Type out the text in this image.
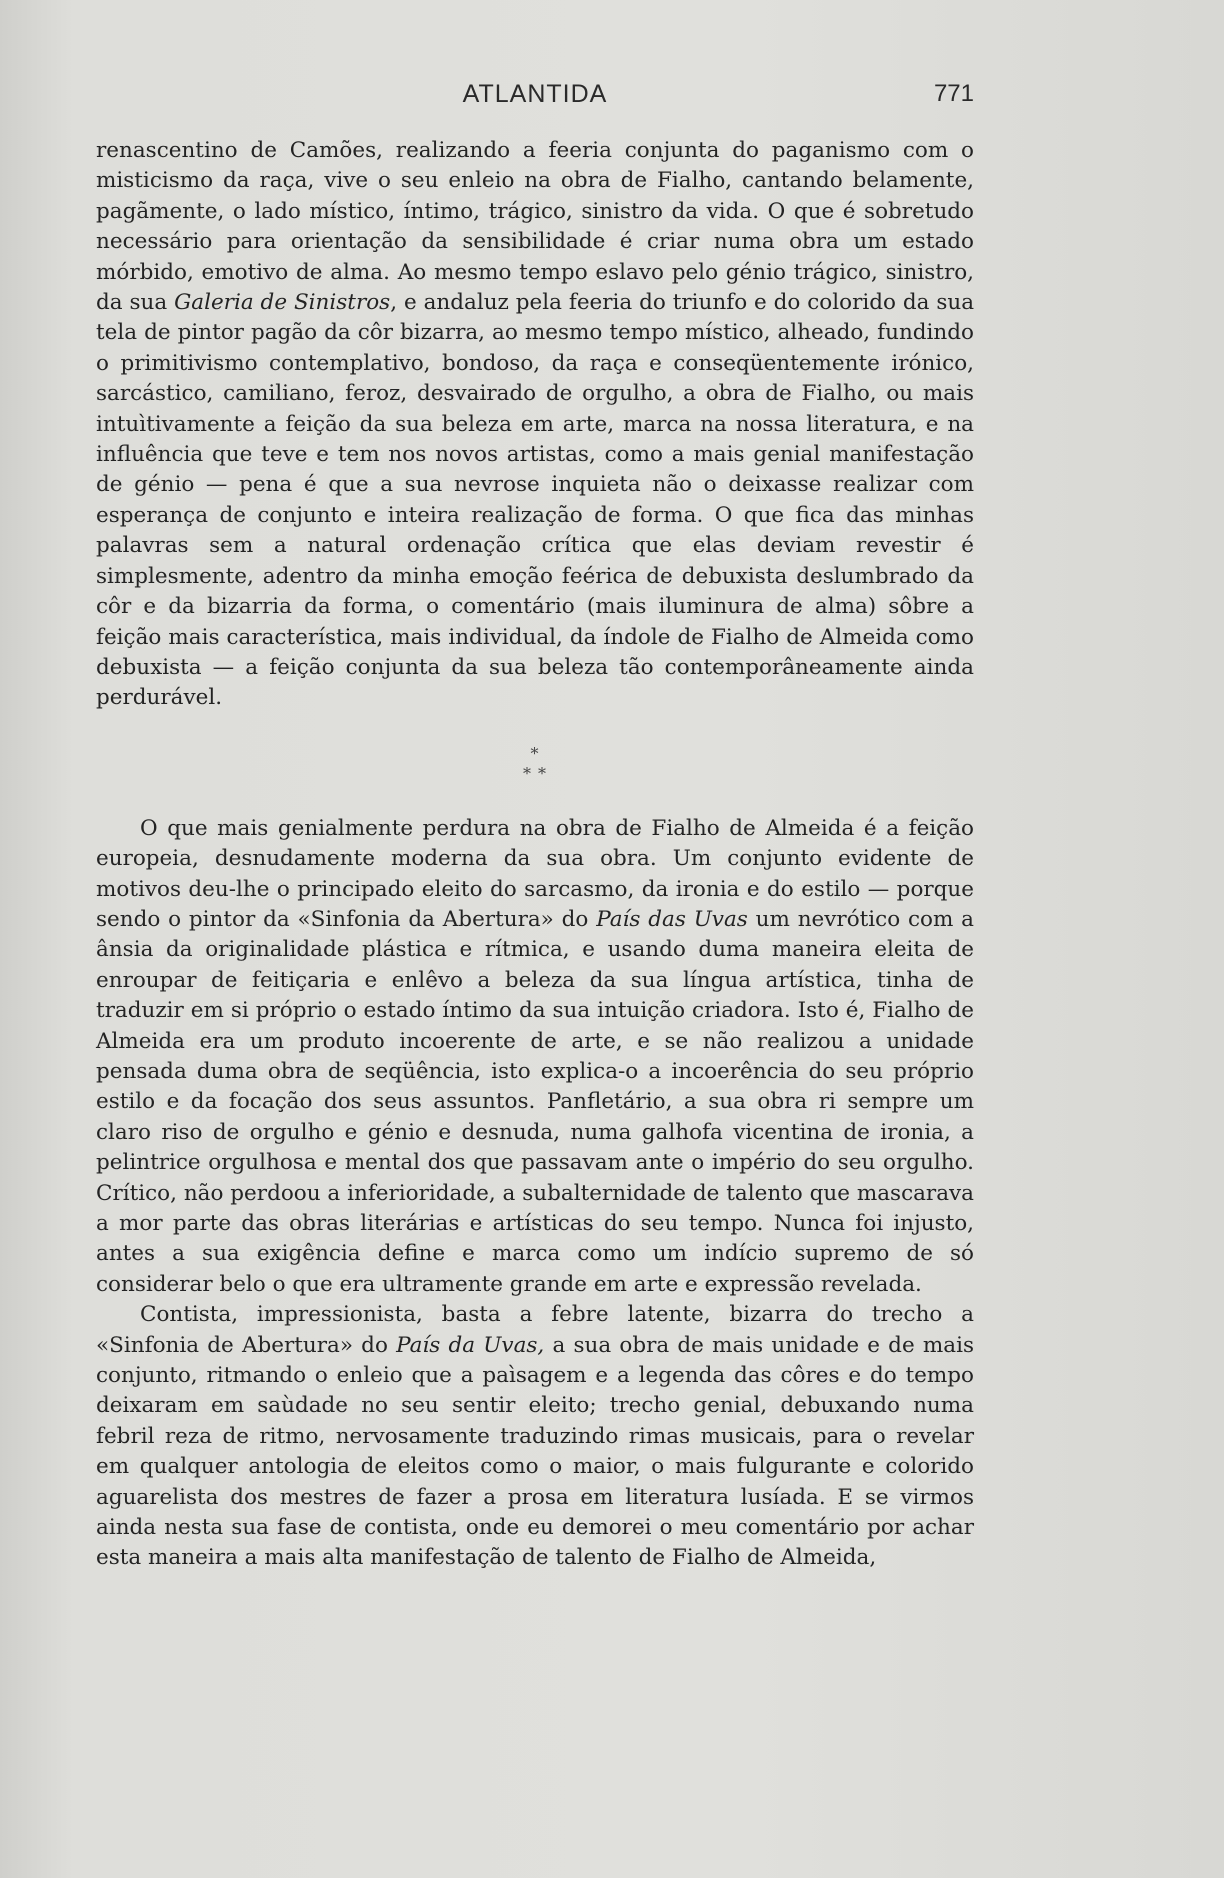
ATLANTIDA	771

renascentino de Camões, realizando a feeria conjunta do paganismo com o misticismo da raça, vive o seu enleio na obra de Fialho, cantando belamente, pagãmente, o lado místico, íntimo, trágico, sinistro da vida. O que é sobretudo necessário para orientação da sensibilidade é criar numa obra um estado mórbido, emotivo de alma. Ao mesmo tempo eslavo pelo génio trágico, sinistro, da sua Galeria de Sinistros, e andaluz pela feeria do triunfo e do colorido da sua tela de pintor pagão da côr bizarra, ao mesmo tempo místico, alheado, fundindo o primitivismo contemplativo, bondoso, da raça e conseqüentemente irónico, sarcástico, camiliano, feroz, desvairado de orgulho, a obra de Fialho, ou mais intuìtivamente a feição da sua beleza em arte, marca na nossa literatura, e na influência que teve e tem nos novos artistas, como a mais genial manifestação de génio — pena é que a sua nevrose inquieta não o deixasse realizar com esperança de conjunto e inteira realização de forma. O que fica das minhas palavras sem a natural ordenação crítica que elas deviam revestir é simplesmente, adentro da minha emoção feérica de debuxista deslumbrado da côr e da bizarria da forma, o comentário (mais iluminura de alma) sôbre a feição mais característica, mais individual, da índole de Fialho de Almeida como debuxista — a feição conjunta da sua beleza tão contemporâneamente ainda perdurável.

*
* *

O que mais genialmente perdura na obra de Fialho de Almeida é a feição europeia, desnudamente moderna da sua obra. Um conjunto evidente de motivos deu-lhe o principado eleito do sarcasmo, da ironia e do estilo — porque sendo o pintor da «Sinfonia da Abertura» do País das Uvas um nevrótico com a ânsia da originalidade plástica e rítmica, e usando duma maneira eleita de enroupar de feitiçaria e enlêvo a beleza da sua língua artística, tinha de traduzir em si próprio o estado íntimo da sua intuição criadora. Isto é, Fialho de Almeida era um produto incoerente de arte, e se não realizou a unidade pensada duma obra de seqüência, isto explica-o a incoerência do seu próprio estilo e da focação dos seus assuntos. Panfletário, a sua obra ri sempre um claro riso de orgulho e génio e desnuda, numa galhofa vicentina de ironia, a pelintrice orgulhosa e mental dos que passavam ante o império do seu orgulho. Crítico, não perdoou a inferioridade, a subalternidade de talento que mascarava a mor parte das obras literárias e artísticas do seu tempo. Nunca foi injusto, antes a sua exigência define e marca como um indício supremo de só considerar belo o que era ultramente grande em arte e expressão revelada.

Contista, impressionista, basta a febre latente, bizarra do trecho a «Sinfonia de Abertura» do País da Uvas, a sua obra de mais unidade e de mais conjunto, ritmando o enleio que a paìsagem e a legenda das côres e do tempo deixaram em saùdade no seu sentir eleito; trecho genial, debuxando numa febril reza de ritmo, nervosamente traduzindo rimas musicais, para o revelar em qualquer antologia de eleitos como o maior, o mais fulgurante e colorido aguarelista dos mestres de fazer a prosa em literatura lusíada. E se virmos ainda nesta sua fase de contista, onde eu demorei o meu comentário por achar esta maneira a mais alta manifestação de talento de Fialho de Almeida,
